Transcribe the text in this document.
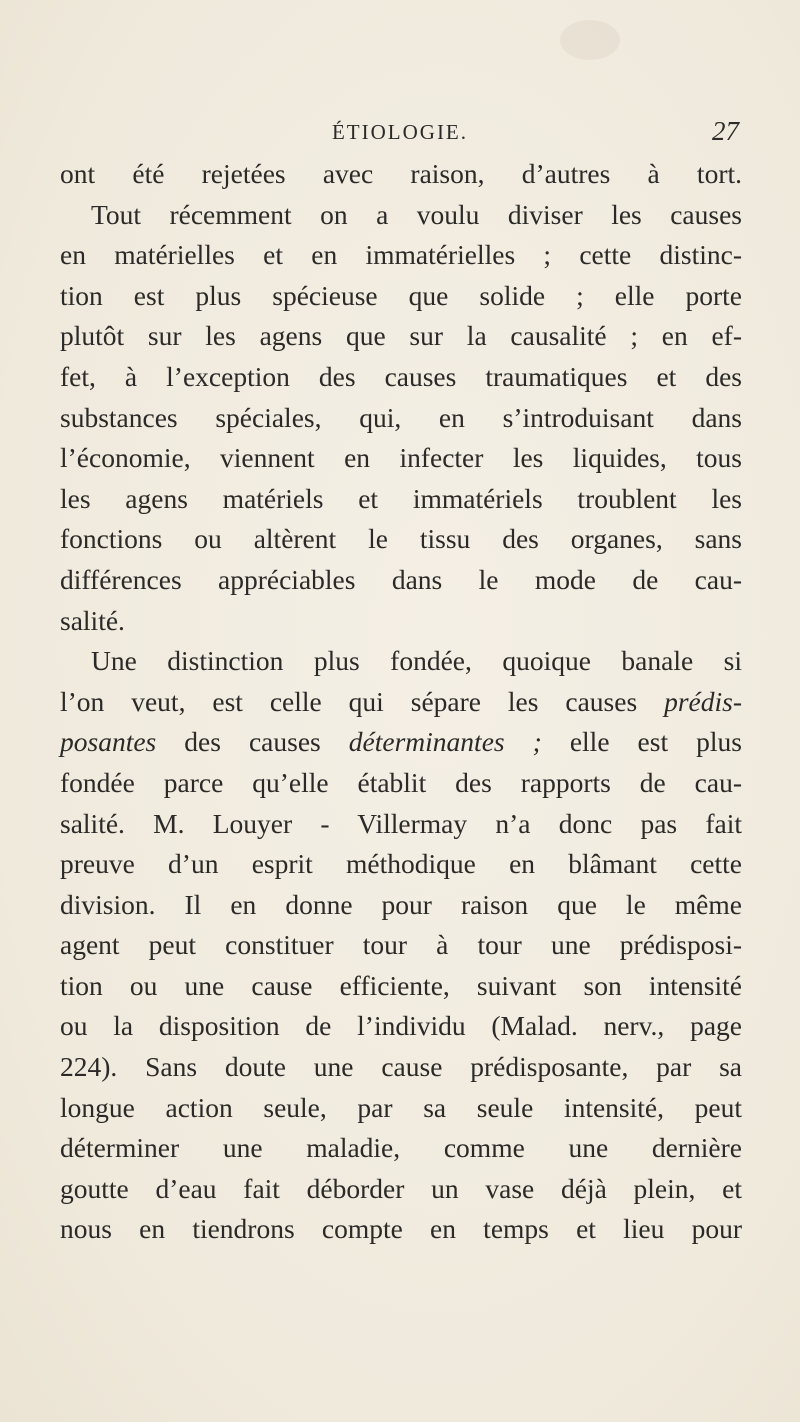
ÉTIOLOGIE.	27
ont été rejetées avec raison, d’autres à tort.
Tout récemment on a voulu diviser les causes
en matérielles et en immatérielles ; cette distinc-
tion est plus spécieuse que solide ; elle porte
plutôt sur les agens que sur la causalité ; en ef-
fet, à l’exception des causes traumatiques et des
substances spéciales, qui, en s’introduisant dans
l’économie, viennent en infecter les liquides, tous
les agens matériels et immatériels troublent les
fonctions ou altèrent le tissu des organes, sans
différences appréciables dans le mode de cau-
salité.
Une distinction plus fondée, quoique banale si
l’on veut, est celle qui sépare les causes prédis-
posantes des causes déterminantes ; elle est plus
fondée parce qu’elle établit des rapports de cau-
salité. M. Louyer - Villermay n’a donc pas fait
preuve d’un esprit méthodique en blâmant cette
division. Il en donne pour raison que le même
agent peut constituer tour à tour une prédisposi-
tion ou une cause efficiente, suivant son intensité
ou la disposition de l’individu (Malad. nerv., page
224). Sans doute une cause prédisposante, par sa
longue action seule, par sa seule intensité, peut
déterminer une maladie, comme une dernière
goutte d’eau fait déborder un vase déjà plein, et
nous en tiendrons compte en temps et lieu pour
